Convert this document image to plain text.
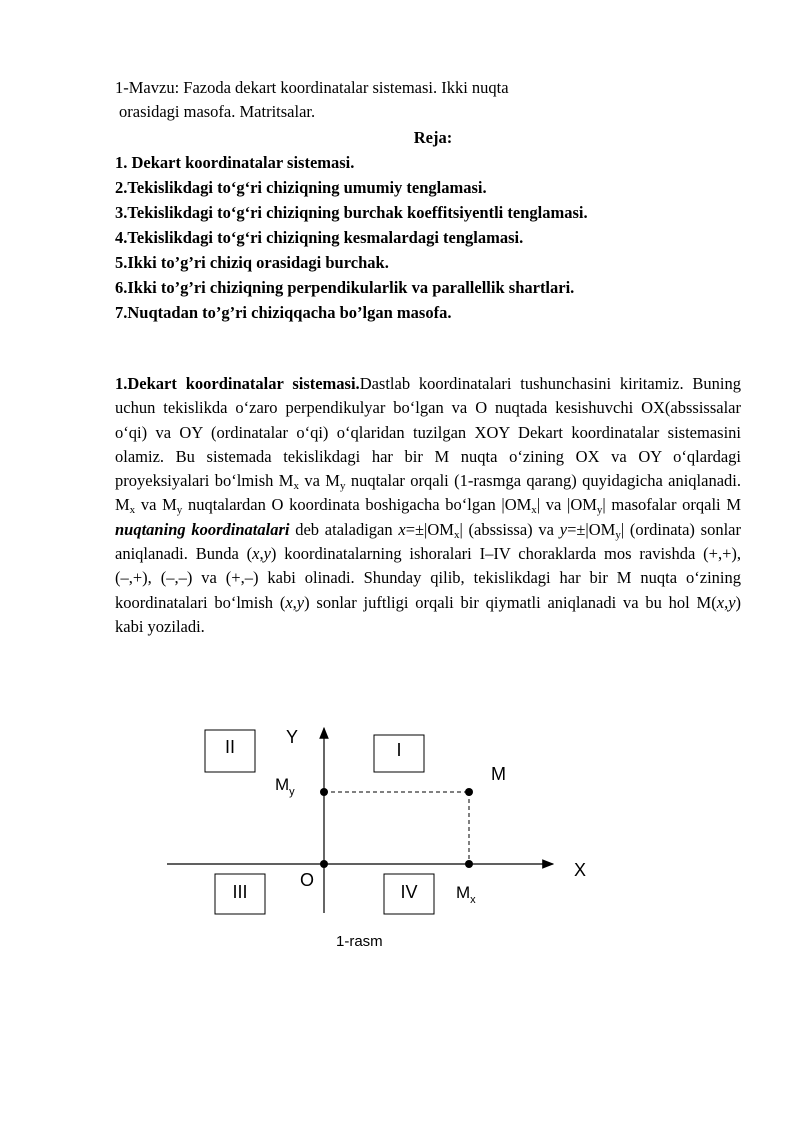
1-Mavzu: Fazoda dekart koordinatalar sistemasi. Ikki nuqta
orasidagi masofa. Matritsalar.
Reja:
1. Dekart koordinatalar sistemasi.
2.Tekislikdagi to‘g‘ri chiziqning umumiy tenglamasi.
3.Tekislikdagi to‘g‘ri chiziqning burchak koeffitsiyentli tenglamasi.
4.Tekislikdagi to‘g‘ri chiziqning kesmalardagi tenglamasi.
5.Ikki to’g’ri chiziq orasidagi burchak.
6.Ikki to’g’ri chiziqning perpendikularlik va parallellik shartlari.
7.Nuqtadan to’g’ri chiziqqacha bo’lgan masofa.
1.Dekart koordinatalar sistemasi.Dastlab koordinatalari tushunchasini kiritamiz. Buning uchun tekislikda o‘zaro perpendikulyar bo‘lgan va O nuqtada kesishuvchi OX(abssissalar o‘qi) va OY (ordinatalar o‘qi) o‘qlaridan tuzilgan XOY Dekart koordinatalar sistemasini olamiz. Bu sistemada tekislikdagi har bir M nuqta o‘zining OX va OY o‘qlardagi proyeksiyalari bo‘lmish $M_x$ va $M_y$ nuqtalar orqali (1-rasmga qarang) quyidagicha aniqlanadi. $M_x$ va $M_y$ nuqtalardan O koordinata boshigacha bo‘lgan $|OM_x|$ va $|OM_y|$ masofalar orqali M nuqtaning koordinatalari deb ataladigan $x=\pm|OM_x|$ (abssissa) va $y=\pm|OM_y|$ (ordinata) sonlar aniqlanadi. Bunda (x,y) koordinatalarning ishoralari I–IV choraklarda mos ravishda (+,+), (–,+), (–,–) va (+,–) kabi olinadi. Shunday qilib, tekislikdagi har bir M nuqta o‘zining koordinatalari bo‘lmish (x,y) sonlar juftligi orqali bir qiymatli aniqlanadi va bu hol M(x,y) kabi yoziladi.
I
II
III	IV
Y
X
O
M
$M_y$
$M_x$
1-rasm
